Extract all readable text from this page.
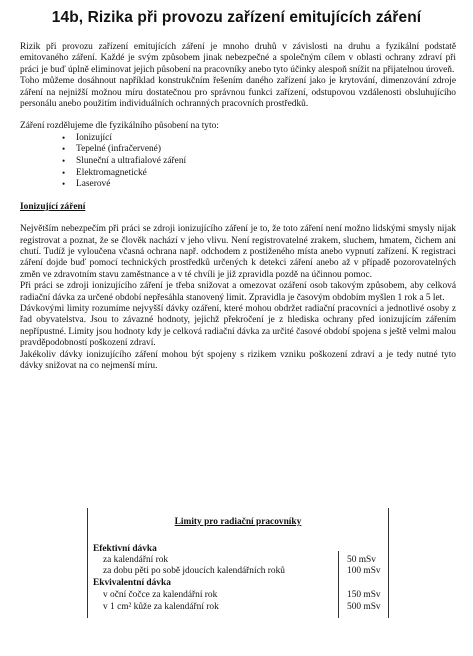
14b, Rizika při provozu zařízení emitujících záření

Rizik při provozu zařízení emitujících záření je mnoho druhů v závislosti na druhu a fyzikální podstatě emitovaného záření. Každé je svým způsobem jinak nebezpečné a společným cílem v oblasti ochrany zdraví při práci je buď úplně eliminovat jejich působení na pracovníky anebo tyto účinky alespoň snížit na přijatelnou úroveň.

Toho můžeme dosáhnout například konstrukčním řešením daného zařízení jako je krytování, dimenzování zdroje záření na nejnižší možnou míru dostatečnou pro správnou funkci zařízení, odstupovou vzdálenosti obsluhujícího personálu anebo použitím individuálních ochranných pracovních prostředků.

Záření rozdělujeme dle fyzikálního působení na tyto:

• Ionizující
• Tepelné (infračervené)
• Sluneční a ultrafialové záření
• Elektromagnetické
• Laserové

Ionizující záření

Největším nebezpečím při práci se zdroji ionizujícího záření je to, že toto záření není možno lidskými smysly nijak registrovat a poznat, že se člověk nachází v jeho vlivu. Není registrovatelné zrakem, sluchem, hmatem, čichem ani chutí. Tudíž je vyloučena včasná ochrana např. odchodem z postiženého místa anebo vypnutí zařízení. K registraci záření dojde buď pomocí technických prostředků určených k detekci záření anebo až v případě pozorovatelných změn ve zdravotním stavu zaměstnance a v té chvíli je již zpravidla pozdě na účinnou pomoc.

Při práci se zdroji ionizujícího záření je třeba snižovat a omezovat ozáření osob takovým způsobem, aby celková radiační dávka za určené období nepřesáhla stanovený limit. Zpravidla je časovým obdobím myšlen 1 rok a 5 let.

Dávkovými limity rozumíme nejvyšší dávky ozáření, které mohou obdržet radiační pracovníci a jednotlivé osoby z řad obyvatelstva. Jsou to závazné hodnoty, jejichž překročení je z hlediska ochrany před ionizujícím zářením nepřípustné. Limity jsou hodnoty kdy je celková radiační dávka za určité časové období spojena s ještě velmi malou pravděpodobností poškození zdraví.

Jakékoliv dávky ionizujícího záření mohou být spojeny s rizikem vzniku poškození zdraví a je tedy nutné tyto dávky snižovat na co nejmenší míru.

Limity pro radiační pracovníky
Efektivní dávka
za kalendářní rok	50 mSv
za dobu pěti po sobě jdoucích kalendářních roků	100 mSv
Ekvivalentní dávka
v oční čočce za kalendářní rok	150 mSv
v 1 cm² kůže za kalendářní rok	500 mSv
